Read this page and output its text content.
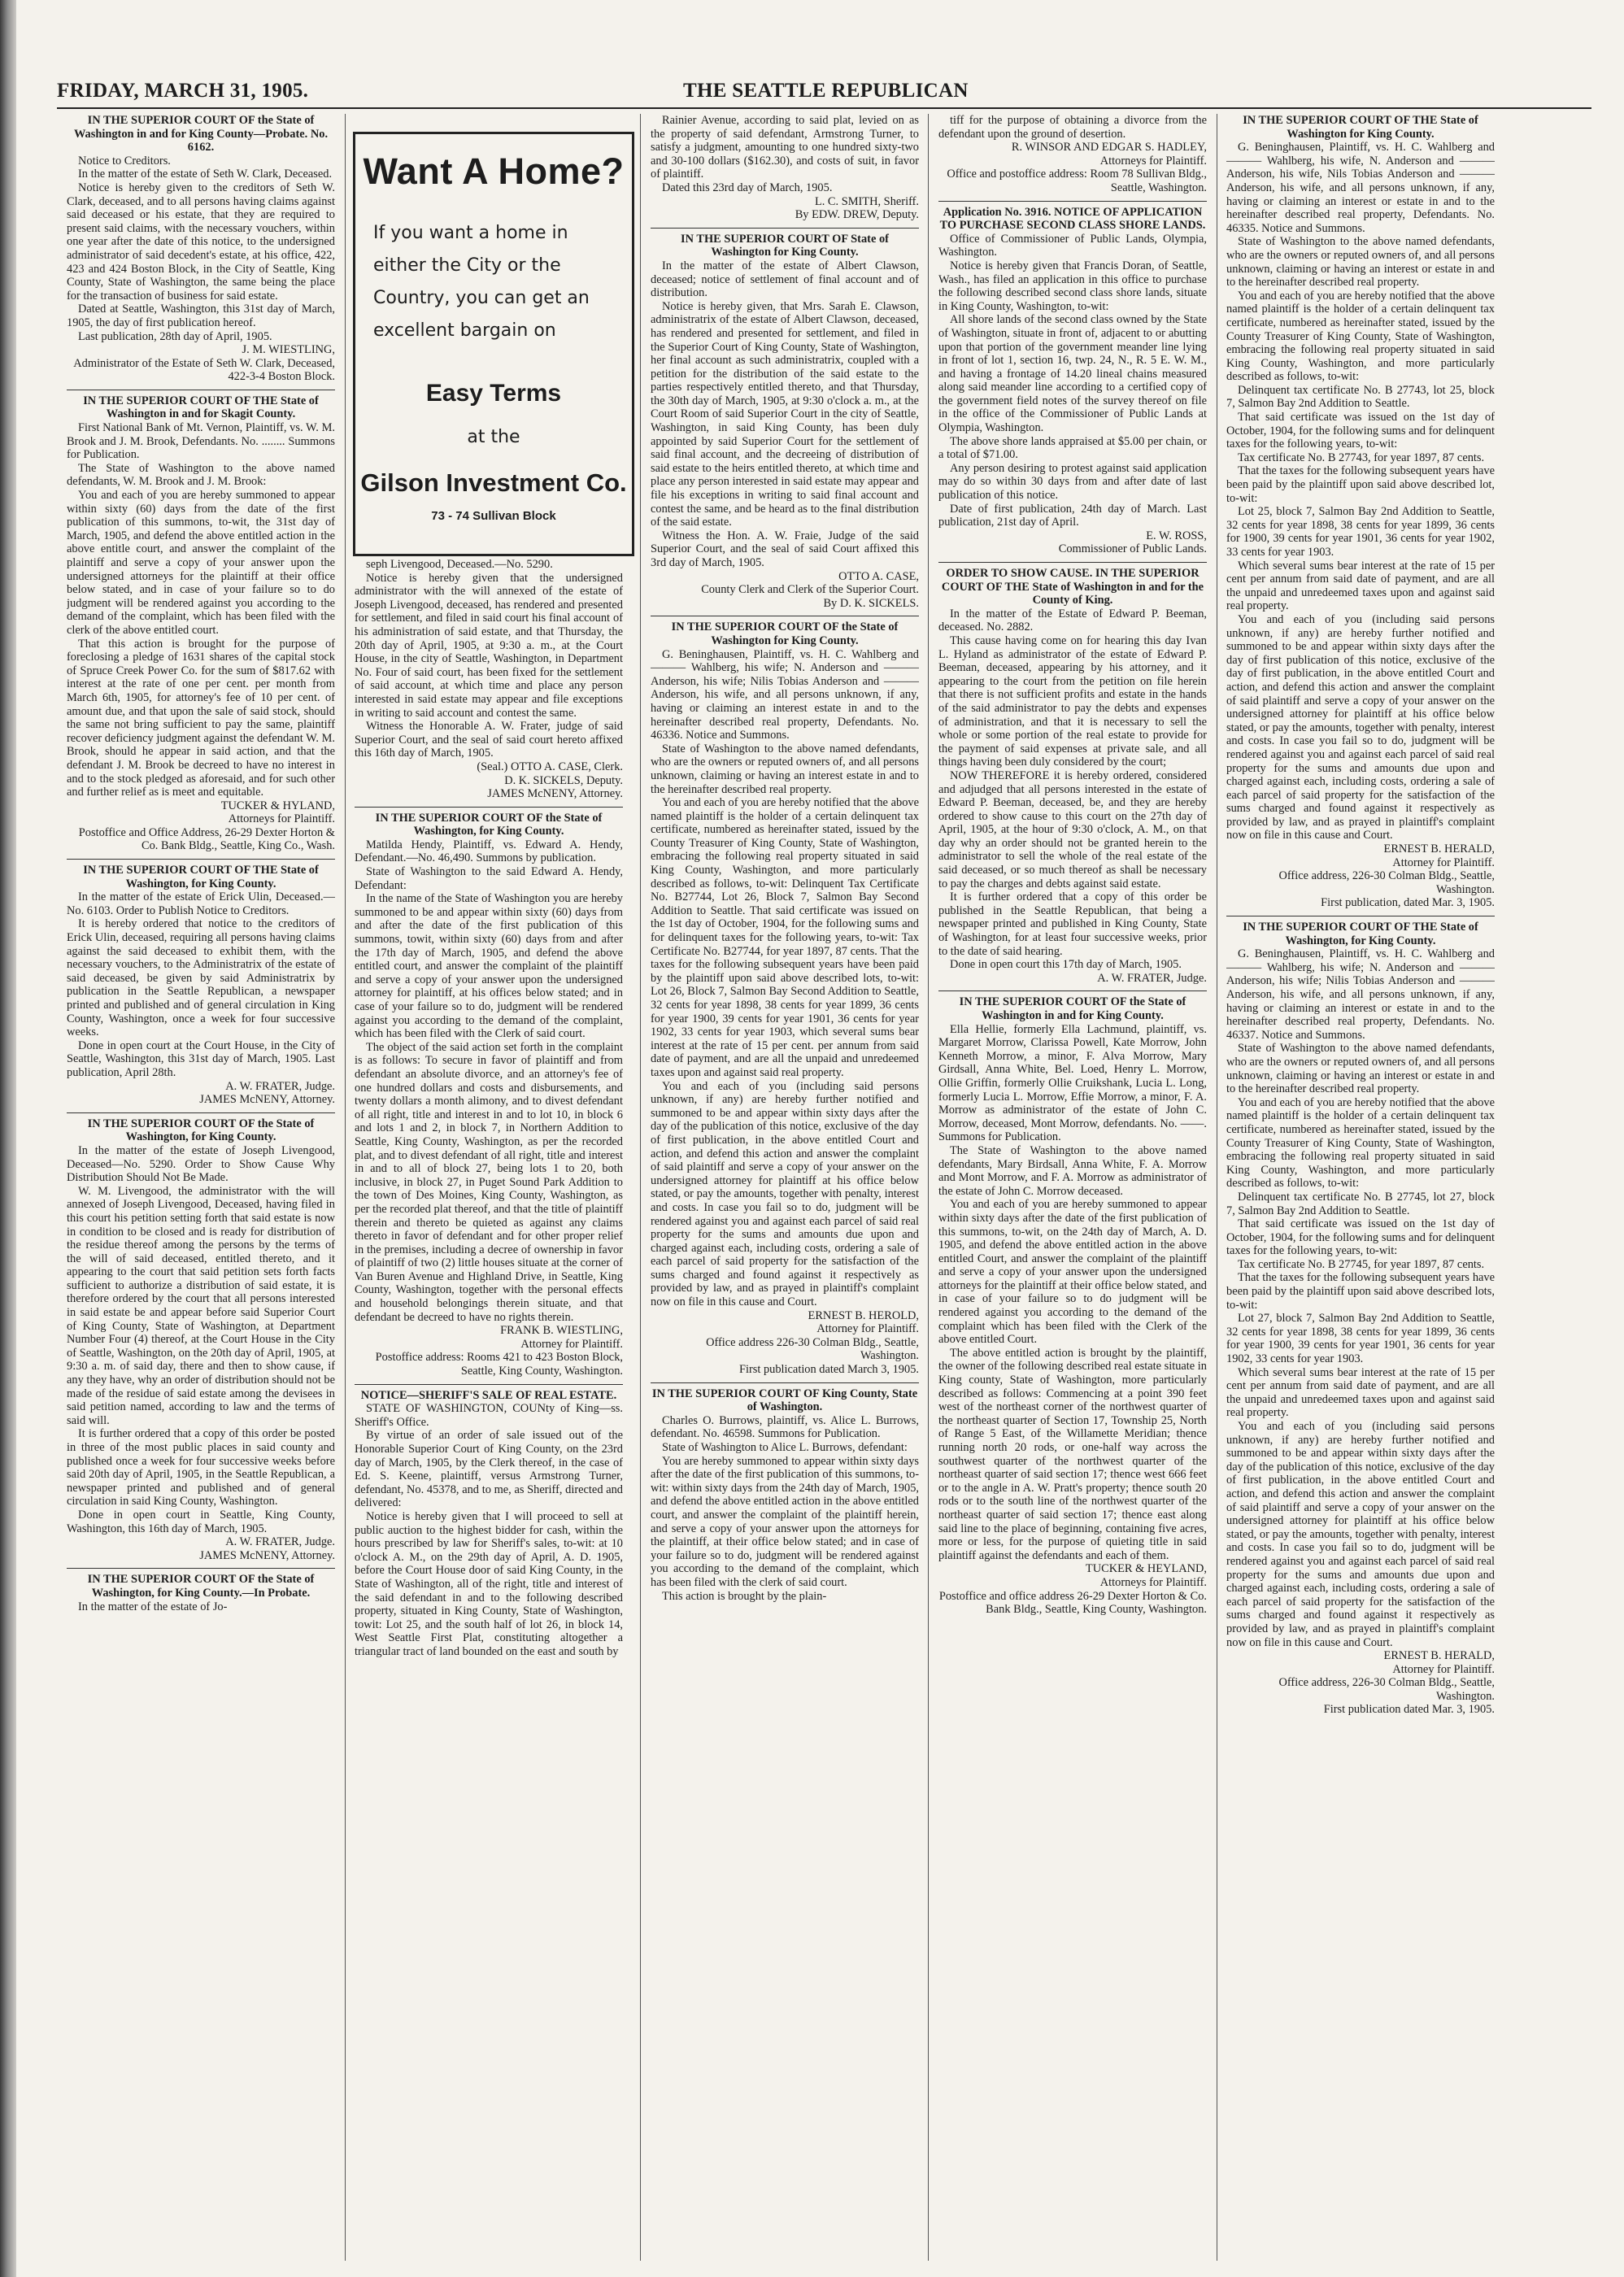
FRIDAY, MARCH 31, 1905.	THE SEATTLE REPUBLICAN

IN THE SUPERIOR COURT OF the State of Washington in and for King County—Probate. No. 6162.

Notice to Creditors.

In the matter of the estate of Seth W. Clark, Deceased.

Notice is hereby given to the creditors of Seth W. Clark, deceased, and to all persons having claims against said deceased or his estate, that they are required to present said claims, with the necessary vouchers, within one year after the date of this notice, to the undersigned administrator of said decedent's estate, at his office, 422, 423 and 424 Boston Block, in the City of Seattle, King County, State of Washington, the same being the place for the transaction of business for said estate.

Dated at Seattle, Washington, this 31st day of March, 1905, the day of first publication hereof.

Last publication, 28th day of April, 1905.

J. M. WIESTLING,

Administrator of the Estate of Seth W. Clark, Deceased,

422-3-4 Boston Block.

IN THE SUPERIOR COURT OF THE State of Washington in and for Skagit County.

First National Bank of Mt. Vernon, Plaintiff, vs. W. M. Brook and J. M. Brook, Defendants. No. ........ Summons for Publication.

The State of Washington to the above named defendants, W. M. Brook and J. M. Brook:

You and each of you are hereby summoned to appear within sixty (60) days from the date of the first publication of this summons, to-wit, the 31st day of March, 1905, and defend the above entitled action in the above entitle court, and answer the complaint of the plaintiff and serve a copy of your answer upon the undersigned attorneys for the plaintiff at their office below stated, and in case of your failure so to do judgment will be rendered against you according to the demand of the complaint, which has been filed with the clerk of the above entitled court.

That this action is brought for the purpose of foreclosing a pledge of 1631 shares of the capital stock of Spruce Creek Power Co. for the sum of $817.62 with interest at the rate of one per cent. per month from March 6th, 1905, for attorney's fee of 10 per cent. of amount due, and that upon the sale of said stock, should the same not bring sufficient to pay the same, plaintiff recover deficiency judgment against the defendant W. M. Brook, should he appear in said action, and that the defendant J. M. Brook be decreed to have no interest in and to the stock pledged as aforesaid, and for such other and further relief as is meet and equitable.

TUCKER & HYLAND,

Attorneys for Plaintiff.

Postoffice and Office Address, 26-29 Dexter Horton & Co. Bank Bldg., Seattle, King Co., Wash.

IN THE SUPERIOR COURT OF THE State of Washington, for King County.

In the matter of the estate of Erick Ulin, Deceased.—No. 6103. Order to Publish Notice to Creditors.

It is hereby ordered that notice to the creditors of Erick Ulin, deceased, requiring all persons having claims against the said deceased to exhibit them, with the necessary vouchers, to the Administratrix of the estate of said deceased, be given by said Administratrix by publication in the Seattle Republican, a newspaper printed and published and of general circulation in King County, Washington, once a week for four successive weeks.

Done in open court at the Court House, in the City of Seattle, Washington, this 31st day of March, 1905. Last publication, April 28th.

A. W. FRATER, Judge.

JAMES McNENY, Attorney.

IN THE SUPERIOR COURT OF the State of Washington, for King County.

In the matter of the estate of Joseph Livengood, Deceased—No. 5290. Order to Show Cause Why Distribution Should Not Be Made.

W. M. Livengood, the administrator with the will annexed of Joseph Livengood, Deceased, having filed in this court his petition setting forth that said estate is now in condition to be closed and is ready for distribution of the residue thereof among the persons by the terms of the will of said deceased, entitled thereto, and it appearing to the court that said petition sets forth facts sufficient to authorize a distribution of said estate, it is therefore ordered by the court that all persons interested in said estate be and appear before said Superior Court of King County, State of Washington, at Department Number Four (4) thereof, at the Court House in the City of Seattle, Washington, on the 20th day of April, 1905, at 9:30 a. m. of said day, there and then to show cause, if any they have, why an order of distribution should not be made of the residue of said estate among the devisees in said petition named, according to law and the terms of said will.

It is further ordered that a copy of this order be posted in three of the most public places in said county and published once a week for four successive weeks before said 20th day of April, 1905, in the Seattle Republican, a newspaper printed and published and of general circulation in said King County, Washington.

Done in open court in Seattle, King County, Washington, this 16th day of March, 1905.

A. W. FRATER, Judge.

JAMES McNENY, Attorney.

IN THE SUPERIOR COURT OF the State of Washington, for King County.—In Probate.

In the matter of the estate of Jo-

seph Livengood, Deceased.—No. 5290.

Notice is hereby given that the undersigned administrator with the will annexed of the estate of Joseph Livengood, deceased, has rendered and presented for settlement, and filed in said court his final account of his administration of said estate, and that Thursday, the 20th day of April, 1905, at 9:30 a. m., at the Court House, in the city of Seattle, Washington, in Department No. Four of said court, has been fixed for the settlement of said account, at which time and place any person interested in said estate may appear and file exceptions in writing to said account and contest the same.

Witness the Honorable A. W. Frater, judge of said Superior Court, and the seal of said court hereto affixed this 16th day of March, 1905.

(Seal.) OTTO A. CASE, Clerk.

D. K. SICKELS, Deputy.

JAMES McNENY, Attorney.

IN THE SUPERIOR COURT OF the State of Washington, for King County.

Matilda Hendy, Plaintiff, vs. Edward A. Hendy, Defendant.—No. 46,490. Summons by publication.

State of Washington to the said Edward A. Hendy, Defendant:

In the name of the State of Washington you are hereby summoned to be and appear within sixty (60) days from and after the date of the first publication of this summons, towit, within sixty (60) days from and after the 17th day of March, 1905, and defend the above entitled court, and answer the complaint of the plaintiff and serve a copy of your answer upon the undersigned attorney for plaintiff, at his offices below stated; and in case of your failure so to do, judgment will be rendered against you according to the demand of the complaint, which has been filed with the Clerk of said court.

The object of the said action set forth in the complaint is as follows: To secure in favor of plaintiff and from defendant an absolute divorce, and an attorney's fee of one hundred dollars and costs and disbursements, and twenty dollars a month alimony, and to divest defendant of all right, title and interest in and to lot 10, in block 6 and lots 1 and 2, in block 7, in Northern Addition to Seattle, King County, Washington, as per the recorded plat, and to divest defendant of all right, title and interest in and to all of block 27, being lots 1 to 20, both inclusive, in block 27, in Puget Sound Park Addition to the town of Des Moines, King County, Washington, as per the recorded plat thereof, and that the title of plaintiff therein and thereto be quieted as against any claims thereto in favor of defendant and for other proper relief in the premises, including a decree of ownership in favor of plaintiff of two (2) little houses situate at the corner of Van Buren Avenue and Highland Drive, in Seattle, King County, Washington, together with the personal effects and household belongings therein situate, and that defendant be decreed to have no rights therein.

FRANK B. WIESTLING,

Attorney for Plaintiff.

Postoffice address: Rooms 421 to 423 Boston Block, Seattle, King County, Washington.

NOTICE—SHERIFF'S SALE OF REAL ESTATE.

STATE OF WASHINGTON, COUNty of King—ss. Sheriff's Office.

By virtue of an order of sale issued out of the Honorable Superior Court of King County, on the 23rd day of March, 1905, by the Clerk thereof, in the case of Ed. S. Keene, plaintiff, versus Armstrong Turner, defendant, No. 45378, and to me, as Sheriff, directed and delivered:

Notice is hereby given that I will proceed to sell at public auction to the highest bidder for cash, within the hours prescribed by law for Sheriff's sales, to-wit: at 10 o'clock A. M., on the 29th day of April, A. D. 1905, before the Court House door of said King County, in the State of Washington, all of the right, title and interest of the said defendant in and to the following described property, situated in King County, State of Washington, towit: Lot 25, and the south half of lot 26, in block 14, West Seattle First Plat, constituting altogether a triangular tract of land bounded on the east and south by

Rainier Avenue, according to said plat, levied on as the property of said defendant, Armstrong Turner, to satisfy a judgment, amounting to one hundred sixty-two and 30-100 dollars ($162.30), and costs of suit, in favor of plaintiff.

Dated this 23rd day of March, 1905.

L. C. SMITH, Sheriff.

By EDW. DREW, Deputy.

IN THE SUPERIOR COURT OF State of Washington for King County.

In the matter of the estate of Albert Clawson, deceased; notice of settlement of final account and of distribution.

Notice is hereby given, that Mrs. Sarah E. Clawson, administratrix of the estate of Albert Clawson, deceased, has rendered and presented for settlement, and filed in the Superior Court of King County, State of Washington, her final account as such administratrix, coupled with a petition for the distribution of the said estate to the parties respectively entitled thereto, and that Thursday, the 30th day of March, 1905, at 9:30 o'clock a. m., at the Court Room of said Superior Court in the city of Seattle, Washington, in said King County, has been duly appointed by said Superior Court for the settlement of said final account, and the decreeing of distribution of said estate to the heirs entitled thereto, at which time and place any person interested in said estate may appear and file his exceptions in writing to said final account and contest the same, and be heard as to the final distribution of the said estate.

Witness the Hon. A. W. Fraie, Judge of the said Superior Court, and the seal of said Court affixed this 3rd day of March, 1905.

OTTO A. CASE,

County Clerk and Clerk of the Superior Court.

By D. K. SICKELS.

IN THE SUPERIOR COURT OF the State of Washington for King County.

G. Beninghausen, Plaintiff, vs. H. C. Wahlberg and ——— Wahlberg, his wife; N. Anderson and ——— Anderson, his wife; Nilis Tobias Anderson and ——— Anderson, his wife, and all persons unknown, if any, having or claiming an interest estate in and to the hereinafter described real property, Defendants. No. 46336. Notice and Summons.

State of Washington to the above named defendants, who are the owners or reputed owners of, and all persons unknown, claiming or having an interest estate in and to the hereinafter described real property.

You and each of you are hereby notified that the above named plaintiff is the holder of a certain delinquent tax certificate, numbered as hereinafter stated, issued by the County Treasurer of King County, State of Washington, embracing the following real property situated in said King County, Washington, and more particularly described as follows, to-wit: Delinquent Tax Certificate No. B27744, Lot 26, Block 7, Salmon Bay Second Addition to Seattle. That said certificate was issued on the 1st day of October, 1904, for the following sums and for delinquent taxes for the following years, to-wit: Tax Certificate No. B27744, for year 1897, 87 cents. That the taxes for the following subsequent years have been paid by the plaintiff upon said above described lots, to-wit: Lot 26, Block 7, Salmon Bay Second Addition to Seattle, 32 cents for year 1898, 38 cents for year 1899, 36 cents for year 1900, 39 cents for year 1901, 36 cents for year 1902, 33 cents for year 1903, which several sums bear interest at the rate of 15 per cent. per annum from said date of payment, and are all the unpaid and unredeemed taxes upon and against said real property.

You and each of you (including said persons unknown, if any) are hereby further notified and summoned to be and appear within sixty days after the day of the publication of this notice, exclusive of the day of first publication, in the above entitled Court and action, and defend this action and answer the complaint of said plaintiff and serve a copy of your answer on the undersigned attorney for plaintiff at his office below stated, or pay the amounts, together with penalty, interest and costs. In case you fail so to do, judgment will be rendered against you and against each parcel of said real property for the sums and amounts due upon and charged against each, including costs, ordering a sale of each parcel of said property for the satisfaction of the sums charged and found against it respectively as provided by law, and as prayed in plaintiff's complaint now on file in this cause and Court.

ERNEST B. HEROLD,

Attorney for Plaintiff.

Office address 226-30 Colman Bldg., Seattle, Washington.

First publication dated March 3, 1905.

IN THE SUPERIOR COURT OF King County, State of Washington.

Charles O. Burrows, plaintiff, vs. Alice L. Burrows, defendant. No. 46598. Summons for Publication.

State of Washington to Alice L. Burrows, defendant:

You are hereby summoned to appear within sixty days after the date of the first publication of this summons, to-wit: within sixty days from the 24th day of March, 1905, and defend the above entitled action in the above entitled court, and answer the complaint of the plaintiff herein, and serve a copy of your answer upon the attorneys for the plaintiff, at their office below stated; and in case of your failure so to do, judgment will be rendered against you according to the demand of the complaint, which has been filed with the clerk of said court.

This action is brought by the plain-

tiff for the purpose of obtaining a divorce from the defendant upon the ground of desertion.

R. WINSOR AND EDGAR S. HADLEY,

Attorneys for Plaintiff.

Office and postoffice address: Room 78 Sullivan Bldg., Seattle, Washington.

Application No. 3916. NOTICE OF APPLICATION TO PURCHASE SECOND CLASS SHORE LANDS.

Office of Commissioner of Public Lands, Olympia, Washington.

Notice is hereby given that Francis Doran, of Seattle, Wash., has filed an application in this office to purchase the following described second class shore lands, situate in King County, Washington, to-wit:

All shore lands of the second class owned by the State of Washington, situate in front of, adjacent to or abutting upon that portion of the government meander line lying in front of lot 1, section 16, twp. 24, N., R. 5 E. W. M., and having a frontage of 14.20 lineal chains measured along said meander line according to a certified copy of the government field notes of the survey thereof on file in the office of the Commissioner of Public Lands at Olympia, Washington.

The above shore lands appraised at $5.00 per chain, or a total of $71.00.

Any person desiring to protest against said application may do so within 30 days from and after date of last publication of this notice.

Date of first publication, 24th day of March. Last publication, 21st day of April.

E. W. ROSS,

Commissioner of Public Lands.

ORDER TO SHOW CAUSE. IN THE SUPERIOR COURT OF THE State of Washington in and for the County of King.

In the matter of the Estate of Edward P. Beeman, deceased. No. 2882.

This cause having come on for hearing this day Ivan L. Hyland as administrator of the estate of Edward P. Beeman, deceased, appearing by his attorney, and it appearing to the court from the petition on file herein that there is not sufficient profits and estate in the hands of the said administrator to pay the debts and expenses of administration, and that it is necessary to sell the whole or some portion of the real estate to provide for the payment of said expenses at private sale, and all things having been duly considered by the court;

NOW THEREFORE it is hereby ordered, considered and adjudged that all persons interested in the estate of Edward P. Beeman, deceased, be, and they are hereby ordered to show cause to this court on the 27th day of April, 1905, at the hour of 9:30 o'clock, A. M., on that day why an order should not be granted herein to the administrator to sell the whole of the real estate of the said deceased, or so much thereof as shall be necessary to pay the charges and debts against said estate.

It is further ordered that a copy of this order be published in the Seattle Republican, that being a newspaper printed and published in King County, State of Washington, for at least four successive weeks, prior to the date of said hearing.

Done in open court this 17th day of March, 1905.

A. W. FRATER, Judge.

IN THE SUPERIOR COURT OF the State of Washington in and for King County.

Ella Hellie, formerly Ella Lachmund, plaintiff, vs. Margaret Morrow, Clarissa Powell, Kate Morrow, John Kenneth Morrow, a minor, F. Alva Morrow, Mary Girdsall, Anna White, Bel. Loed, Henry L. Morrow, Ollie Griffin, formerly Ollie Cruikshank, Lucia L. Long, formerly Lucia L. Morrow, Effie Morrow, a minor, F. A. Morrow as administrator of the estate of John C. Morrow, deceased, Mont Morrow, defendants. No. ——. Summons for Publication.

The State of Washington to the above named defendants, Mary Birdsall, Anna White, F. A. Morrow and Mont Morrow, and F. A. Morrow as administrator of the estate of John C. Morrow deceased.

You and each of you are hereby summoned to appear within sixty days after the date of the first publication of this summons, to-wit, on the 24th day of March, A. D. 1905, and defend the above entitled action in the above entitled Court, and answer the complaint of the plaintiff and serve a copy of your answer upon the undersigned attorneys for the plaintiff at their office below stated, and in case of your failure so to do judgment will be rendered against you according to the demand of the complaint which has been filed with the Clerk of the above entitled Court.

The above entitled action is brought by the plaintiff, the owner of the following described real estate situate in King county, State of Washington, more particularly described as follows: Commencing at a point 390 feet west of the northeast corner of the northwest quarter of the northeast quarter of Section 17, Township 25, North of Range 5 East, of the Willamette Meridian; thence running north 20 rods, or one-half way across the southwest quarter of the northwest quarter of the northeast quarter of said section 17; thence west 666 feet or to the angle in A. W. Pratt's property; thence south 20 rods or to the south line of the northwest quarter of the northeast quarter of said section 17; thence east along said line to the place of beginning, containing five acres, more or less, for the purpose of quieting title in said plaintiff against the defendants and each of them.

TUCKER & HEYLAND,

Attorneys for Plaintiff.

Postoffice and office address 26-29 Dexter Horton & Co. Bank Bldg., Seattle, King County, Washington.

IN THE SUPERIOR COURT OF THE State of Washington for King County.

G. Beninghausen, Plaintiff, vs. H. C. Wahlberg and ——— Wahlberg, his wife, N. Anderson and ——— Anderson, his wife, Nils Tobias Anderson and ——— Anderson, his wife, and all persons unknown, if any, having or claiming an interest or estate in and to the hereinafter described real property, Defendants. No. 46335. Notice and Summons.

State of Washington to the above named defendants, who are the owners or reputed owners of, and all persons unknown, claiming or having an interest or estate in and to the hereinafter described real property.

You and each of you are hereby notified that the above named plaintiff is the holder of a certain delinquent tax certificate, numbered as hereinafter stated, issued by the County Treasurer of King County, State of Washington, embracing the following real property situated in said King County, Washington, and more particularly described as follows, to-wit:

Delinquent tax certificate No. B 27743, lot 25, block 7, Salmon Bay 2nd Addition to Seattle.

That said certificate was issued on the 1st day of October, 1904, for the following sums and for delinquent taxes for the following years, to-wit:

Tax certificate No. B 27743, for year 1897, 87 cents.

That the taxes for the following subsequent years have been paid by the plaintiff upon said above described lot, to-wit:

Lot 25, block 7, Salmon Bay 2nd Addition to Seattle, 32 cents for year 1898, 38 cents for year 1899, 36 cents for 1900, 39 cents for year 1901, 36 cents for year 1902, 33 cents for year 1903.

Which several sums bear interest at the rate of 15 per cent per annum from said date of payment, and are all the unpaid and unredeemed taxes upon and against said real property.

You and each of you (including said persons unknown, if any) are hereby further notified and summoned to be and appear within sixty days after the day of first publication of this notice, exclusive of the day of first publication, in the above entitled Court and action, and defend this action and answer the complaint of said plaintiff and serve a copy of your answer on the undersigned attorney for plaintiff at his office below stated, or pay the amounts, together with penalty, interest and costs. In case you fail so to do, judgment will be rendered against you and against each parcel of said real property for the sums and amounts due upon and charged against each, including costs, ordering a sale of each parcel of said property for the satisfaction of the sums charged and found against it respectively as provided by law, and as prayed in plaintiff's complaint now on file in this cause and Court.

ERNEST B. HERALD,

Attorney for Plaintiff.

Office address, 226-30 Colman Bldg., Seattle, Washington.

First publication, dated Mar. 3, 1905.

IN THE SUPERIOR COURT OF THE State of Washington, for King County.

G. Beninghausen, Plaintiff, vs. H. C. Wahlberg and ——— Wahlberg, his wife; N. Anderson and ——— Anderson, his wife; Nilis Tobias Anderson and ——— Anderson, his wife, and all persons unknown, if any, having or claiming an interest or estate in and to the hereinafter described real property, Defendants. No. 46337. Notice and Summons.

State of Washington to the above named defendants, who are the owners or reputed owners of, and all persons unknown, claiming or having an interest or estate in and to the hereinafter described real property.

You and each of you are hereby notified that the above named plaintiff is the holder of a certain delinquent tax certificate, numbered as hereinafter stated, issued by the County Treasurer of King County, State of Washington, embracing the following real property situated in said King County, Washington, and more particularly described as follows, to-wit:

Delinquent tax certificate No. B 27745, lot 27, block 7, Salmon Bay 2nd Addition to Seattle.

That said certificate was issued on the 1st day of October, 1904, for the following sums and for delinquent taxes for the following years, to-wit:

Tax certificate No. B 27745, for year 1897, 87 cents.

That the taxes for the following subsequent years have been paid by the plaintiff upon said above described lots, to-wit:

Lot 27, block 7, Salmon Bay 2nd Addition to Seattle, 32 cents for year 1898, 38 cents for year 1899, 36 cents for year 1900, 39 cents for year 1901, 36 cents for year 1902, 33 cents for year 1903.

Which several sums bear interest at the rate of 15 per cent per annum from said date of payment, and are all the unpaid and unredeemed taxes upon and against said real property.

You and each of you (including said persons unknown, if any) are hereby further notified and summoned to be and appear within sixty days after the day of the publication of this notice, exclusive of the day of first publication, in the above entitled Court and action, and defend this action and answer the complaint of said plaintiff and serve a copy of your answer on the undersigned attorney for plaintiff at his office below stated, or pay the amounts, together with penalty, interest and costs. In case you fail so to do, judgment will be rendered against you and against each parcel of said real property for the sums and amounts due upon and charged against each, including costs, ordering a sale of each parcel of said property for the satisfaction of the sums charged and found against it respectively as provided by law, and as prayed in plaintiff's complaint now on file in this cause and Court.

ERNEST B. HERALD,

Attorney for Plaintiff.

Office address, 226-30 Colman Bldg., Seattle, Washington.

First publication dated Mar. 3, 1905.

Want A Home?
If you want a home in either the City or the Country, you can get an excellent bargain on
Easy Terms
at the
Gilson Investment Co.
73 - 74 Sullivan Block
